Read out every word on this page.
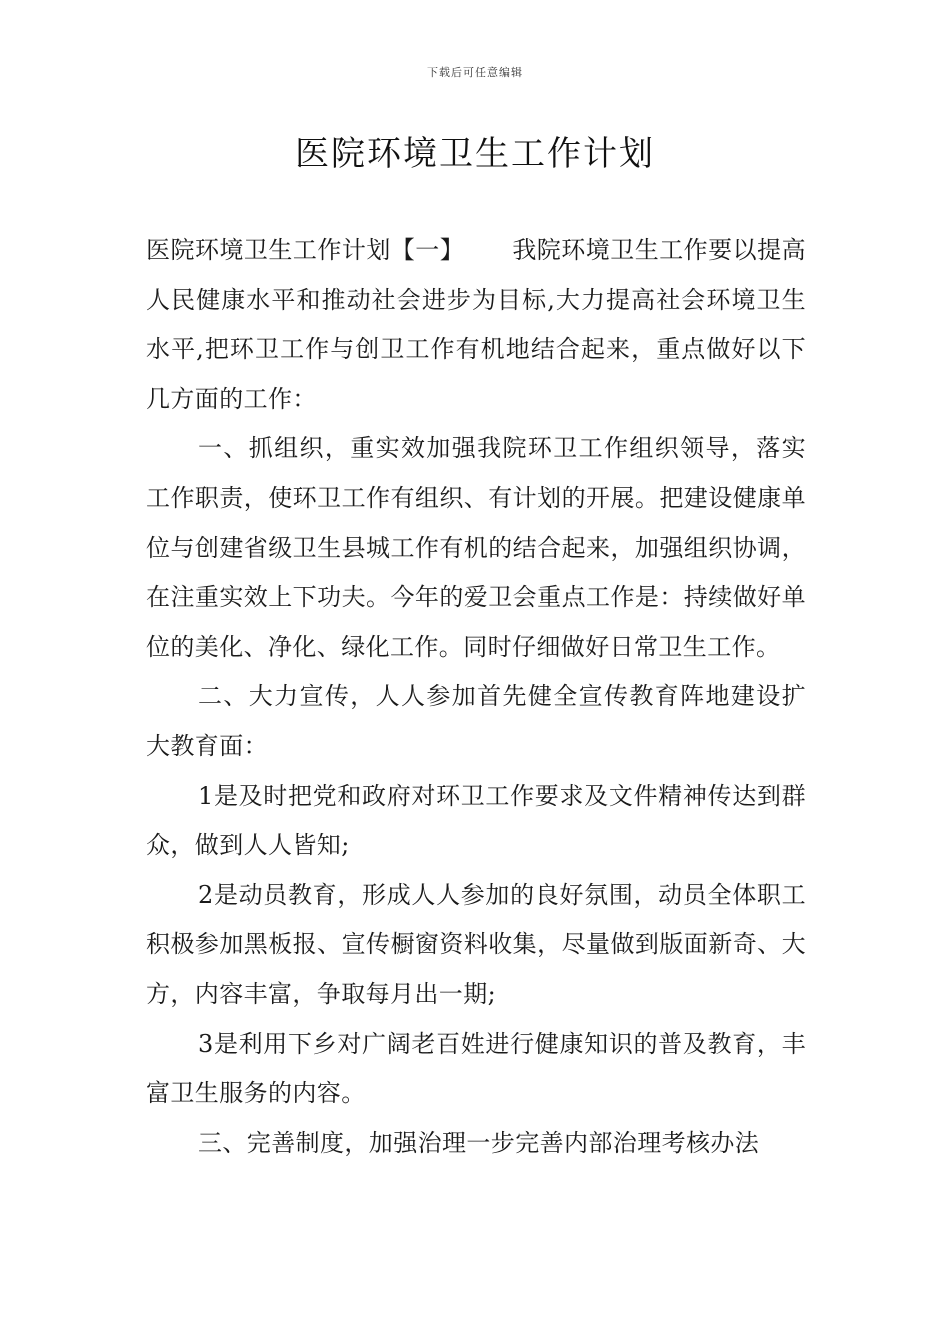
下载后可任意编辑
医院环境卫生工作计划

医院环境卫生工作计划【一】 我院环境卫生工作要以提高人民健康水平和推动社会进步为目标,大力提高社会环境卫生水平,把环卫工作与创卫工作有机地结合起来，重点做好以下几方面的工作：

一、抓组织，重实效加强我院环卫工作组织领导，落实工作职责，使环卫工作有组织、有计划的开展。把建设健康单位与创建省级卫生县城工作有机的结合起来，加强组织协调，在注重实效上下功夫。今年的爱卫会重点工作是：持续做好单位的美化、净化、绿化工作。同时仔细做好日常卫生工作。

二、大力宣传，人人参加首先健全宣传教育阵地建设扩大教育面：

1是及时把党和政府对环卫工作要求及文件精神传达到群众，做到人人皆知;

2是动员教育，形成人人参加的良好氛围，动员全体职工积极参加黑板报、宣传橱窗资料收集，尽量做到版面新奇、大方，内容丰富，争取每月出一期;

3是利用下乡对广阔老百姓进行健康知识的普及教育，丰富卫生服务的内容。

三、完善制度，加强治理一步完善内部治理考核办法
